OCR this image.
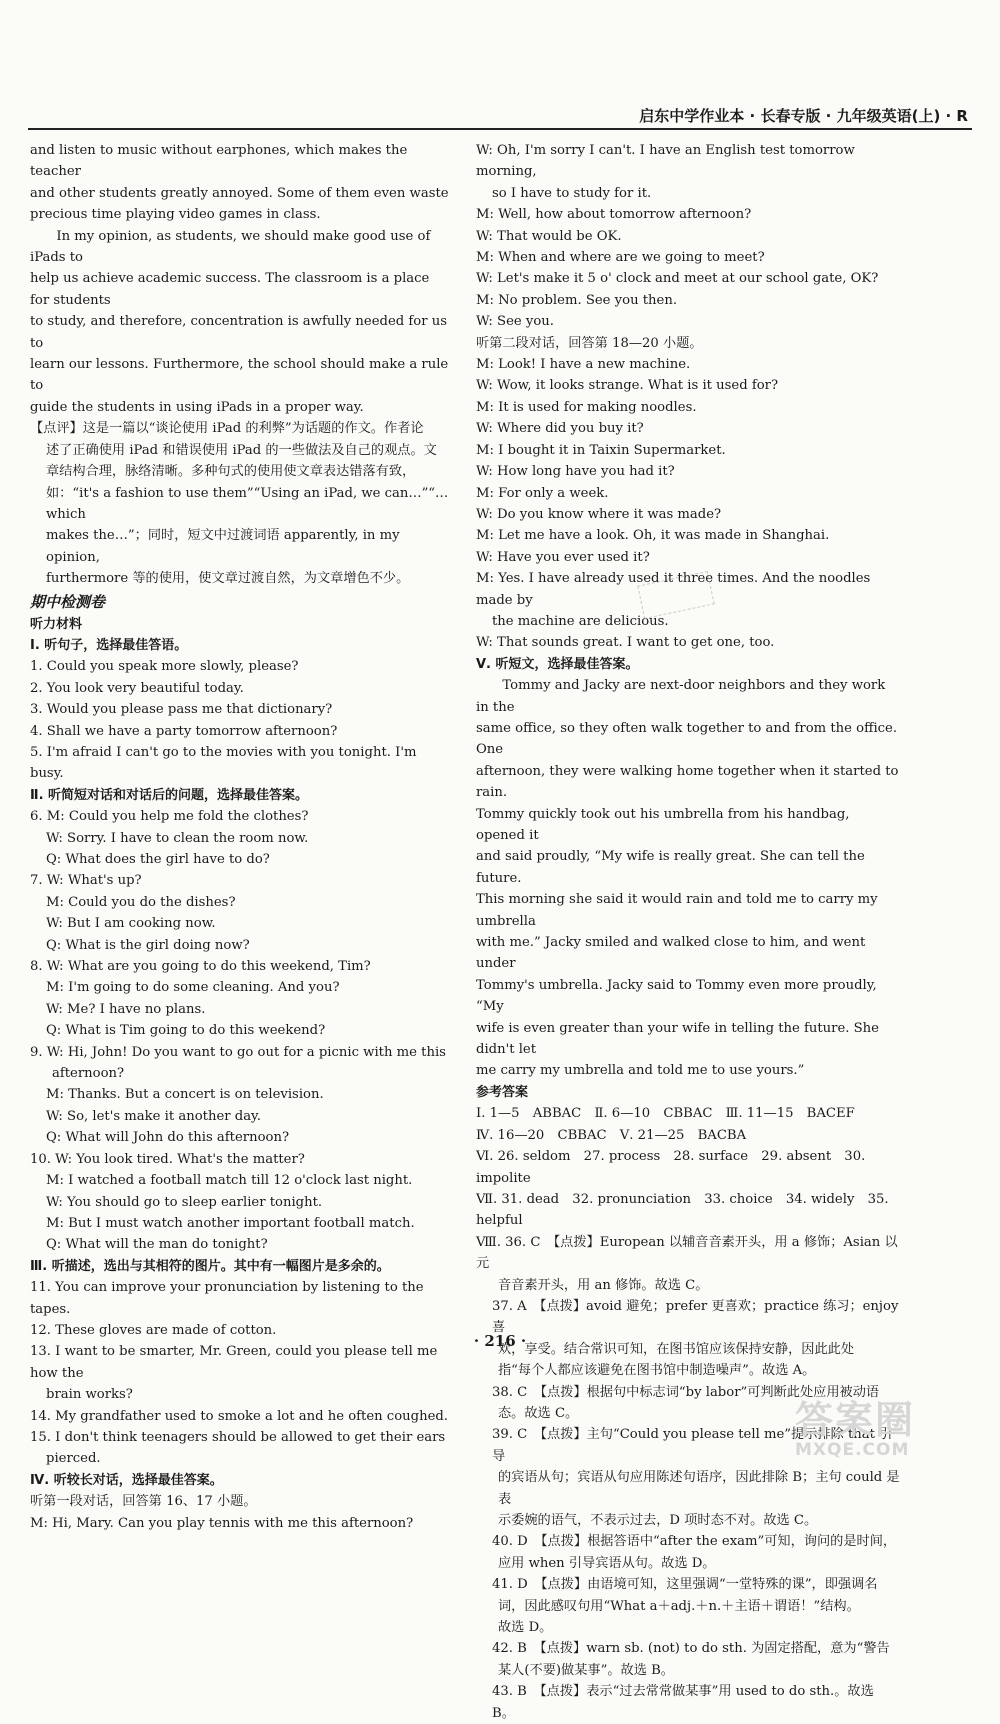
启东中学作业本 · 长春专版 · 九年级英语(上) · R
and listen to music without earphones, which makes the teacher
and other students greatly annoyed. Some of them even waste
precious time playing video games in class.
In my opinion, as students, we should make good use of iPads to
help us achieve academic success. The classroom is a place for students
to study, and therefore, concentration is awfully needed for us to
learn our lessons. Furthermore, the school should make a rule to
guide the students in using iPads in a proper way.
【点评】这是一篇以“谈论使用 iPad 的利弊”为话题的作文。作者论
述了正确使用 iPad 和错误使用 iPad 的一些做法及自己的观点。文
章结构合理，脉络清晰。多种句式的使用使文章表达错落有致，
如：“it's a fashion to use them”“Using an iPad, we can…”“…which
makes the…”；同时，短文中过渡词语 apparently, in my opinion,
furthermore 等的使用，使文章过渡自然，为文章增色不少。
期中检测卷
听力材料
Ⅰ. 听句子，选择最佳答语。
1. Could you speak more slowly, please?
2. You look very beautiful today.
3. Would you please pass me that dictionary?
4. Shall we have a party tomorrow afternoon?
5. I'm afraid I can't go to the movies with you tonight. I'm busy.
Ⅱ. 听简短对话和对话后的问题，选择最佳答案。
6. M: Could you help me fold the clothes?
W: Sorry. I have to clean the room now.
Q: What does the girl have to do?
7. W: What's up?
M: Could you do the dishes?
W: But I am cooking now.
Q: What is the girl doing now?
8. W: What are you going to do this weekend, Tim?
M: I'm going to do some cleaning. And you?
W: Me? I have no plans.
Q: What is Tim going to do this weekend?
9. W: Hi, John! Do you want to go out for a picnic with me this
afternoon?
M: Thanks. But a concert is on television.
W: So, let's make it another day.
Q: What will John do this afternoon?
10. W: You look tired. What's the matter?
M: I watched a football match till 12 o'clock last night.
W: You should go to sleep earlier tonight.
M: But I must watch another important football match.
Q: What will the man do tonight?
Ⅲ. 听描述，选出与其相符的图片。其中有一幅图片是多余的。
11. You can improve your pronunciation by listening to the tapes.
12. These gloves are made of cotton.
13. I want to be smarter, Mr. Green, could you please tell me how the
brain works?
14. My grandfather used to smoke a lot and he often coughed.
15. I don't think teenagers should be allowed to get their ears
pierced.
Ⅳ. 听较长对话，选择最佳答案。
听第一段对话，回答第 16、17 小题。
M: Hi, Mary. Can you play tennis with me this afternoon?
W: Oh, I'm sorry I can't. I have an English test tomorrow morning,
so I have to study for it.
M: Well, how about tomorrow afternoon?
W: That would be OK.
M: When and where are we going to meet?
W: Let's make it 5 o' clock and meet at our school gate, OK?
M: No problem. See you then.
W: See you.
听第二段对话，回答第 18—20 小题。
M: Look! I have a new machine.
W: Wow, it looks strange. What is it used for?
M: It is used for making noodles.
W: Where did you buy it?
M: I bought it in Taixin Supermarket.
W: How long have you had it?
M: For only a week.
W: Do you know where it was made?
M: Let me have a look. Oh, it was made in Shanghai.
W: Have you ever used it?
M: Yes. I have already used it three times. And the noodles made by
the machine are delicious.
W: That sounds great. I want to get one, too.
Ⅴ. 听短文，选择最佳答案。
Tommy and Jacky are next-door neighbors and they work in the
same office, so they often walk together to and from the office. One
afternoon, they were walking home together when it started to rain.
Tommy quickly took out his umbrella from his handbag, opened it
and said proudly, “My wife is really great. She can tell the future.
This morning she said it would rain and told me to carry my umbrella
with me.” Jacky smiled and walked close to him, and went under
Tommy's umbrella. Jacky said to Tommy even more proudly, “My
wife is even greater than your wife in telling the future. She didn't let
me carry my umbrella and told me to use yours.”
参考答案
Ⅰ. 1—5　ABBAC　Ⅱ. 6—10　CBBAC　Ⅲ. 11—15　BACEF
Ⅳ. 16—20　CBBAC　Ⅴ. 21—25　BACBA
Ⅵ. 26. seldom　27. process　28. surface　29. absent　30. impolite
Ⅶ. 31. dead　32. pronunciation　33. choice　34. widely　35. helpful
Ⅷ. 36. C　【点拨】European 以辅音音素开头，用 a 修饰；Asian 以元
音音素开头，用 an 修饰。故选 C。
37. A　【点拨】avoid 避免；prefer 更喜欢；practice 练习；enjoy 喜
欢，享受。结合常识可知，在图书馆应该保持安静，因此此处
指“每个人都应该避免在图书馆中制造噪声”。故选 A。
38. C　【点拨】根据句中标志词“by labor”可判断此处应用被动语
态。故选 C。
39. C　【点拨】主句“Could you please tell me”提示排除 that 引导
的宾语从句；宾语从句应用陈述句语序，因此排除 B；主句 could 是表
示委婉的语气，不表示过去，D 项时态不对。故选 C。
40. D　【点拨】根据答语中“after the exam”可知，询问的是时间，
应用 when 引导宾语从句。故选 D。
41. D　【点拨】由语境可知，这里强调“一堂特殊的课”，即强调名
词，因此感叹句用“What a＋adj.＋n.＋主语＋谓语！”结构。
故选 D。
42. B　【点拨】warn sb. (not) to do sth. 为固定搭配，意为“警告
某人(不要)做某事”。故选 B。
43. B　【点拨】表示“过去常常做某事”用 used to do sth.。故选 B。
· 216 ·
答案圈
MXQE.COM
